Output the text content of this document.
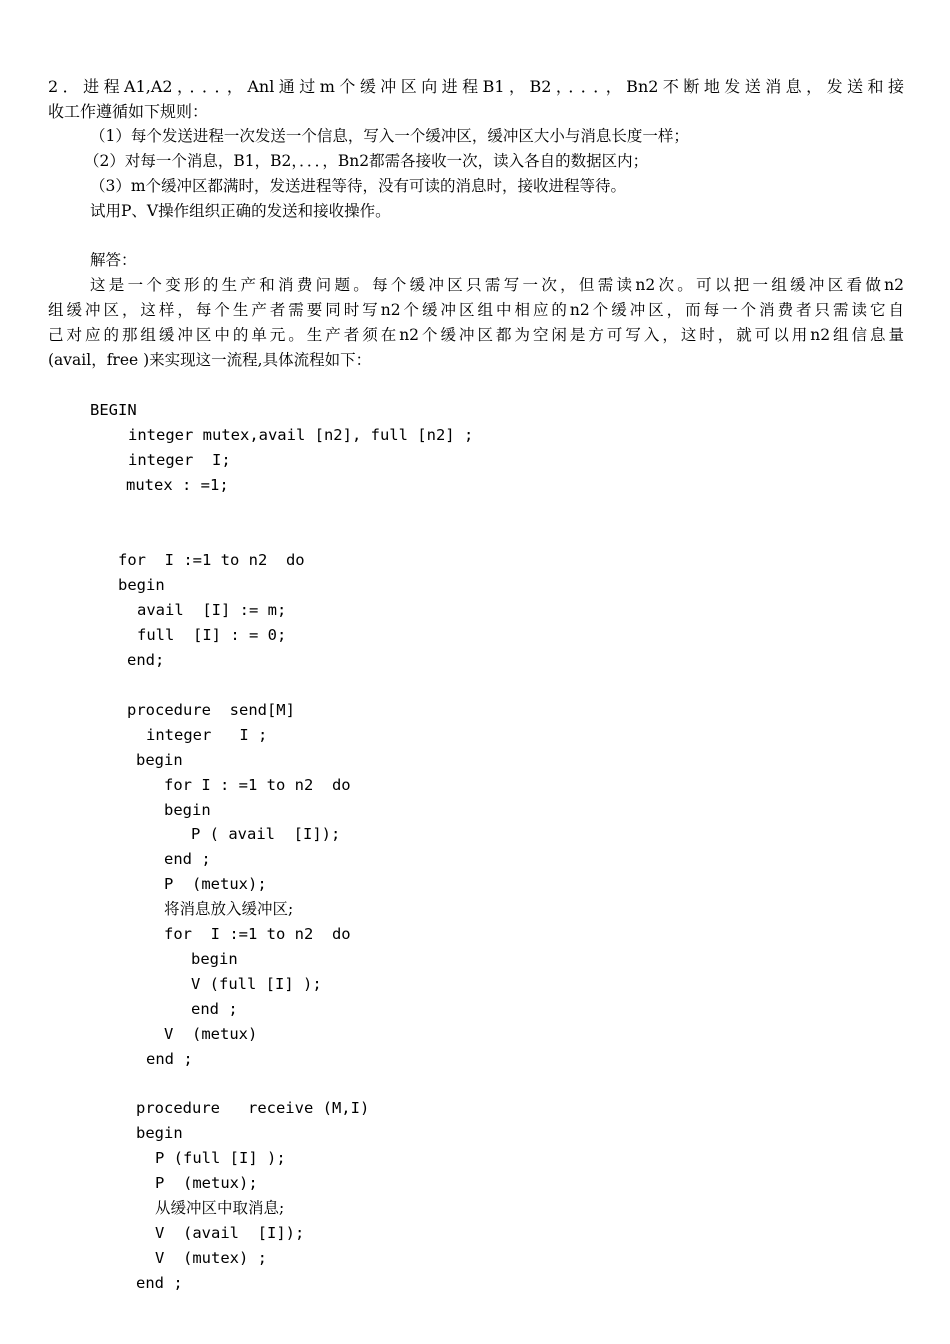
2．进程A1,A2，．．．，Anl通过m个缓冲区向进程B1，B2，．．．，Bn2不断地发送消息，发送和接
收工作遵循如下规则：
（1）每个发送进程一次发送一个信息，写入一个缓冲区，缓冲区大小与消息长度一样；
（2）对每一个消息，B1，B2，．．．，Bn2都需各接收一次，读入各自的数据区内；
（3）m个缓冲区都满时，发送进程等待，没有可读的消息时，接收进程等待。
试用P、V操作组织正确的发送和接收操作。
解答：
这是一个变形的生产和消费问题。每个缓冲区只需写一次，但需读n2次。可以把一组缓冲区看做n2
组缓冲区，这样，每个生产者需要同时写n2个缓冲区组中相应的n2个缓冲区，而每一个消费者只需读它自
己对应的那组缓冲区中的单元。生产者须在n2个缓冲区都为空闲是方可写入，这时，就可以用n2组信息量
(avail，free )来实现这一流程,具体流程如下：
BEGIN
integer mutex,avail [n2], full [n2] ;
integer  I;
mutex : =1;
for  I :=1 to n2  do
begin
avail  [I] := m;
full  [I] : = 0;
end;
procedure  send[M]
integer   I ;
begin
for I : =1 to n2  do
begin
P ( avail  [I]);
end ;
P  (metux);
将消息放入缓冲区;
for  I :=1 to n2  do
begin
V (full [I] );
end ;
V  (metux)
end ;
procedure   receive (M,I)
begin
P (full [I] );
P  (metux);
从缓冲区中取消息;
V  (avail  [I]);
V  (mutex) ;
end ;
